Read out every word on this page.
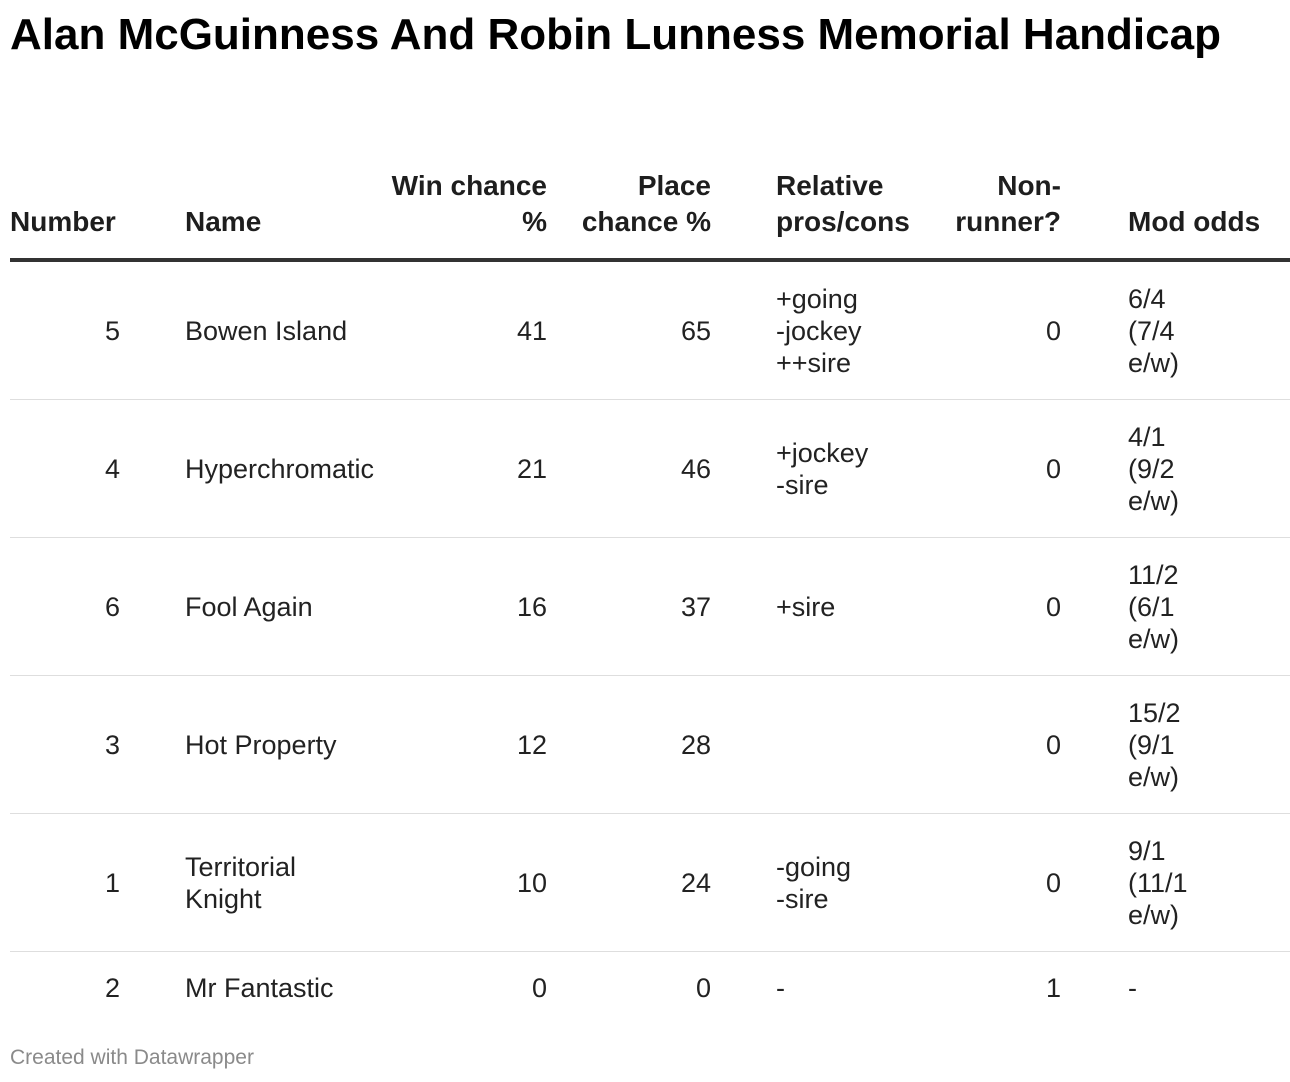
Alan McGuinness And Robin Lunness Memorial Handicap
Number	Name	Win chance %	Place chance %	Relative pros/cons	Non-runner?	Mod odds
5	Bowen Island	41	65	+going
-jockey
++sire	0	6/4
(7/4
e/w)
4	Hyperchromatic	21	46	+jockey
-sire	0	4/1
(9/2
e/w)
6	Fool Again	16	37	+sire	0	11/2
(6/1
e/w)
3	Hot Property	12	28		0	15/2
(9/1
e/w)
1	Territorial Knight	10	24	-going
-sire	0	9/1
(11/1
e/w)
2	Mr Fantastic	0	0	-	1	-
Created with Datawrapper
